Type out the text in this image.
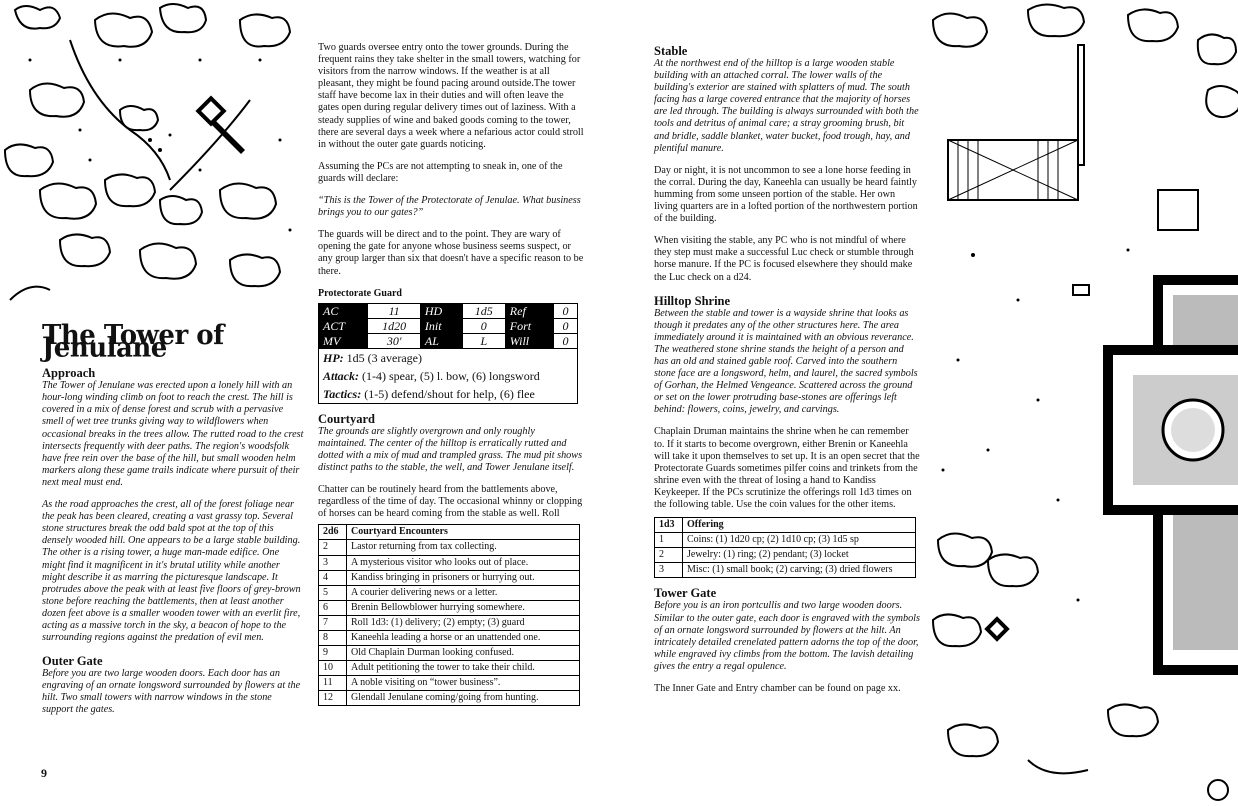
The Tower of Jenulane
Approach

The Tower of Jenulane was erected upon a lonely hill with an hour-long winding climb on foot to reach the crest. The hill is covered in a mix of dense forest and scrub with a pervasive smell of wet tree trunks giving way to wildflowers when occasional breaks in the trees allow. The rutted road to the crest intersects frequently with deer paths. The region's woodsfolk have free rein over the base of the hill, but small wooden helm markers along these game trails indicate where pursuit of their next meal must end.

As the road approaches the crest, all of the forest foliage near the peak has been cleared, creating a vast grassy top. Several stone structures break the odd bald spot at the top of this densely wooded hill. One appears to be a large stable building. The other is a rising tower, a huge man-made edifice. One might find it magnificent in it's brutal utility while another might describe it as marring the picturesque landscape. It protrudes above the peak with at least five floors of grey-brown stone before reaching the battlements, then at least another dozen feet above is a smaller wooden tower with an everlit fire, acting as a massive torch in the sky, a beacon of hope to the surrounding regions against the predation of evil men.

Outer Gate

Before you are two large wooden doors. Each door has an engraving of an ornate longsword surrounded by flowers at the hilt. Two small towers with narrow windows in the stone support the gates.

Two guards oversee entry onto the tower grounds. During the frequent rains they take shelter in the small towers, watching for visitors from the narrow windows. If the weather is at all pleasant, they might be found pacing around outside.The tower staff have become lax in their duties and will often leave the gates open during regular delivery times out of laziness. With a steady supplies of wine and baked goods coming to the tower, there are several days a week where a nefarious actor could stroll in without the outer gate guards noticing.

Assuming the PCs are not attempting to sneak in, one of the guards will declare:

“This is the Tower of the Protectorate of Jenulae. What business brings you to our gates?”

The guards will be direct and to the point. They are wary of opening the gate for anyone whose business seems suspect, or any group larger than six that doesn't have a specific reason to be there.

Protectorate Guard
AC	11	HD	1d5	Ref	0
ACT	1d20	Init	0	Fort	0
MV	30'	AL	L	Will	0
HP: 1d5 (3 average)
Attack: (1-4) spear, (5) l. bow, (6) longsword
Tactics: (1-5) defend/shout for help, (6) flee
Courtyard

The grounds are slightly overgrown and only roughly maintained. The center of the hilltop is erratically rutted and dotted with a mix of mud and trampled grass. The mud pit shows distinct paths to the stable, the well, and Tower Jenulane itself.

Chatter can be routinely heard from the battlements above, regardless of the time of day. The occasional whinny or clopping of horses can be heard coming from the stable as well. Roll

2d6	Courtyard Encounters
2	Lastor returning from tax collecting.
3	A mysterious visitor who looks out of place.
4	Kandiss bringing in prisoners or hurrying out.
5	A courier delivering news or a letter.
6	Brenin Bellowblower hurrying somewhere.
7	Roll 1d3: (1) delivery; (2) empty; (3) guard
8	Kaneehla leading a horse or an unattended one.
9	Old Chaplain Durman looking confused.
10	Adult petitioning the tower to take their child.
11	A noble visiting on “tower business”.
12	Glendall Jenulane coming/going from hunting.
Stable

At the northwest end of the hilltop is a large wooden stable building with an attached corral. The lower walls of the building's exterior are stained with splatters of mud. The south facing has a large covered entrance that the majority of horses are led through. The building is always surrounded with both the tools and detritus of animal care; a stray grooming brush, bit and bridle, saddle blanket, water bucket, food trough, hay, and plentiful manure.

Day or night, it is not uncommon to see a lone horse feeding in the corral. During the day, Kaneehla can usually be heard faintly humming from some unseen portion of the stable. Her own living quarters are in a lofted portion of the northwestern portion of the building.

When visiting the stable, any PC who is not mindful of where they step must make a successful Luc check or stumble through horse manure. If the PC is focused elsewhere they should make the Luc check on a d24.

Hilltop Shrine

Between the stable and tower is a wayside shrine that looks as though it predates any of the other structures here. The area immediately around it is maintained with an obvious reverance. The weathered stone shrine stands the height of a person and has an old and stained gable roof. Carved into the southern stone face are a longsword, helm, and laurel, the sacred symbols of Gorhan, the Helmed Vengeance. Scattered across the ground or set on the lower protruding base-stones are offerings left behind: flowers, coins, jewelry, and carvings.

Chaplain Druman maintains the shrine when he can remember to. If it starts to become overgrown, either Brenin or Kaneehla will take it upon themselves to set up. It is an open secret that the Protectorate Guards sometimes pilfer coins and trinkets from the shrine even with the threat of losing a hand to Kandiss Keykeeper. If the PCs scrutinize the offerings roll 1d3 times on the following table. Use the coin values for the other items.

1d3	Offering
1	Coins: (1) 1d20 cp; (2) 1d10 cp; (3) 1d5 sp
2	Jewelry: (1) ring; (2) pendant; (3) locket
3	Misc: (1) small book; (2) carving; (3) dried flowers
Tower Gate

Before you is an iron portcullis and two large wooden doors. Similar to the outer gate, each door is engraved with the symbols of an ornate longsword surrounded by flowers at the hilt. An intricately detailed crenelated pattern adorns the top of the door, while engraved ivy climbs from the bottom. The lavish detailing gives the entry a regal opulence.

The Inner Gate and Entry chamber can be found on page xx.

9
